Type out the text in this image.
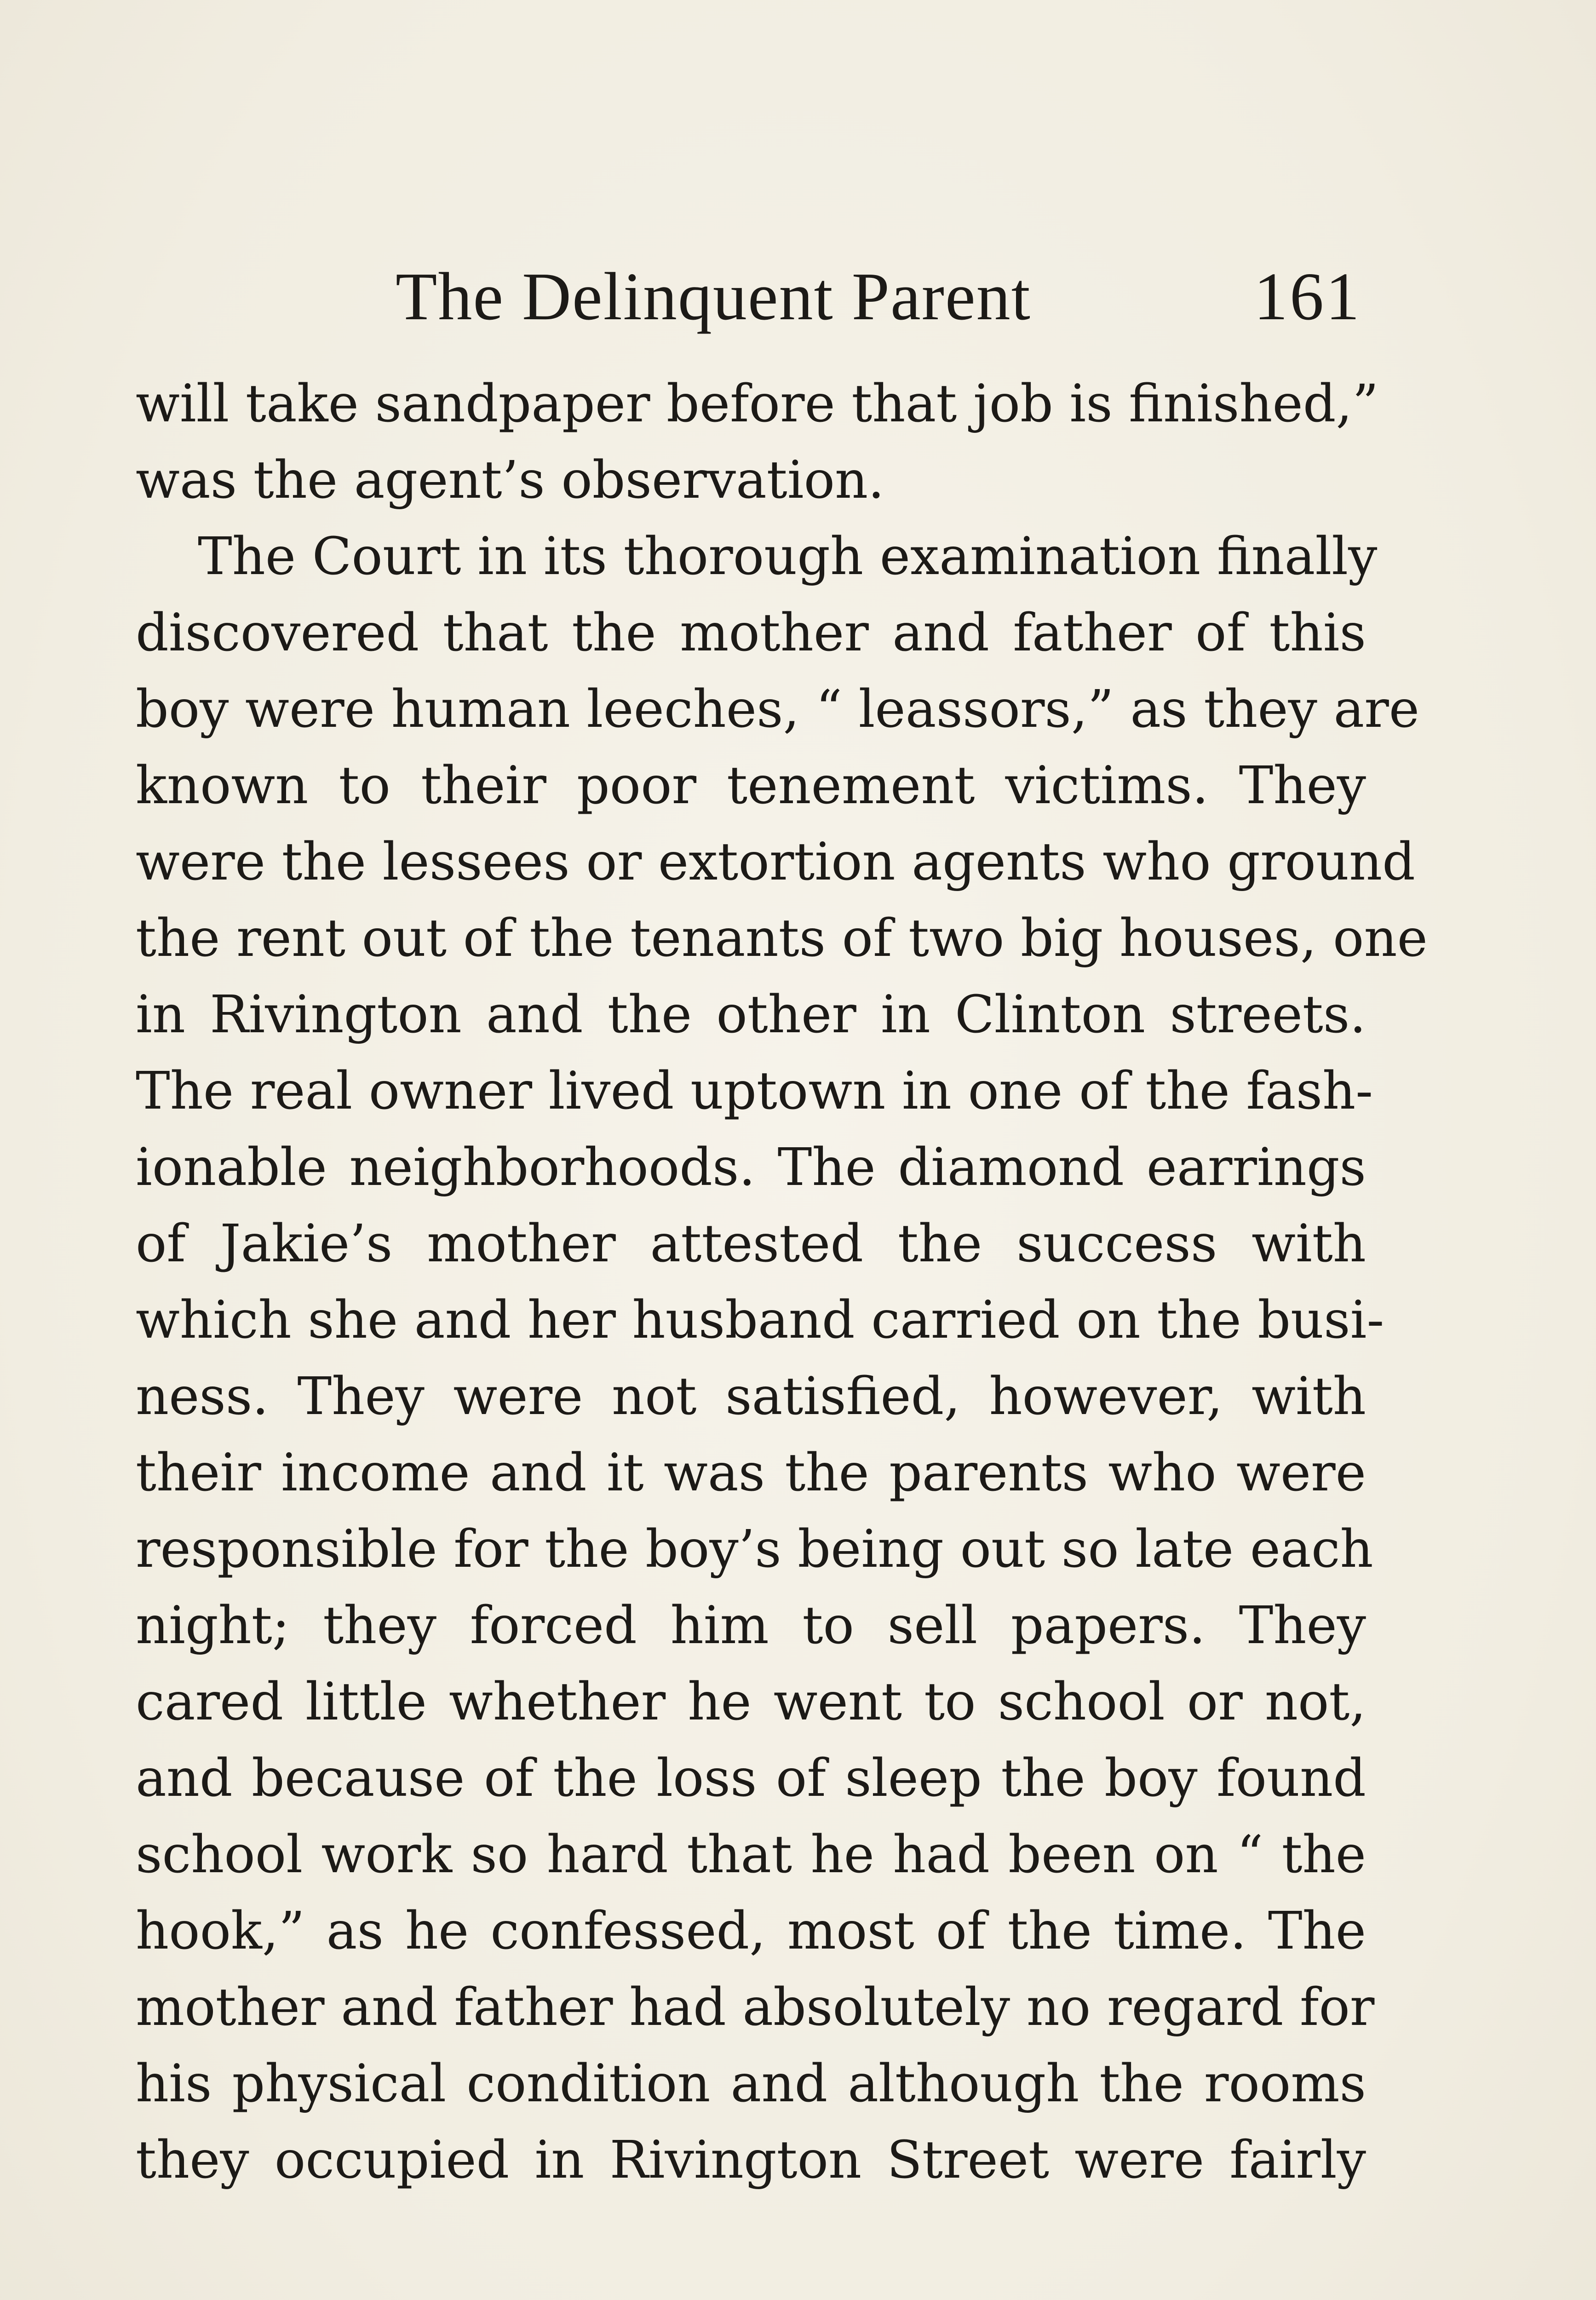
The Delinquent Parent	161
will take sandpaper before that job is finished,”
was the agent’s observation.
The Court in its thorough examination finally
discovered that the mother and father of this
boy were human leeches, “ leassors,” as they are
known to their poor tenement victims. They
were the lessees or extortion agents who ground
the rent out of the tenants of two big houses, one
in Rivington and the other in Clinton streets.
The real owner lived uptown in one of the fash-
ionable neighborhoods. The diamond earrings
of Jakie’s mother attested the success with
which she and her husband carried on the busi-
ness. They were not satisfied, however, with
their income and it was the parents who were
responsible for the boy’s being out so late each
night; they forced him to sell papers. They
cared little whether he went to school or not,
and because of the loss of sleep the boy found
school work so hard that he had been on “ the
hook,” as he confessed, most of the time. The
mother and father had absolutely no regard for
his physical condition and although the rooms
they occupied in Rivington Street were fairly
